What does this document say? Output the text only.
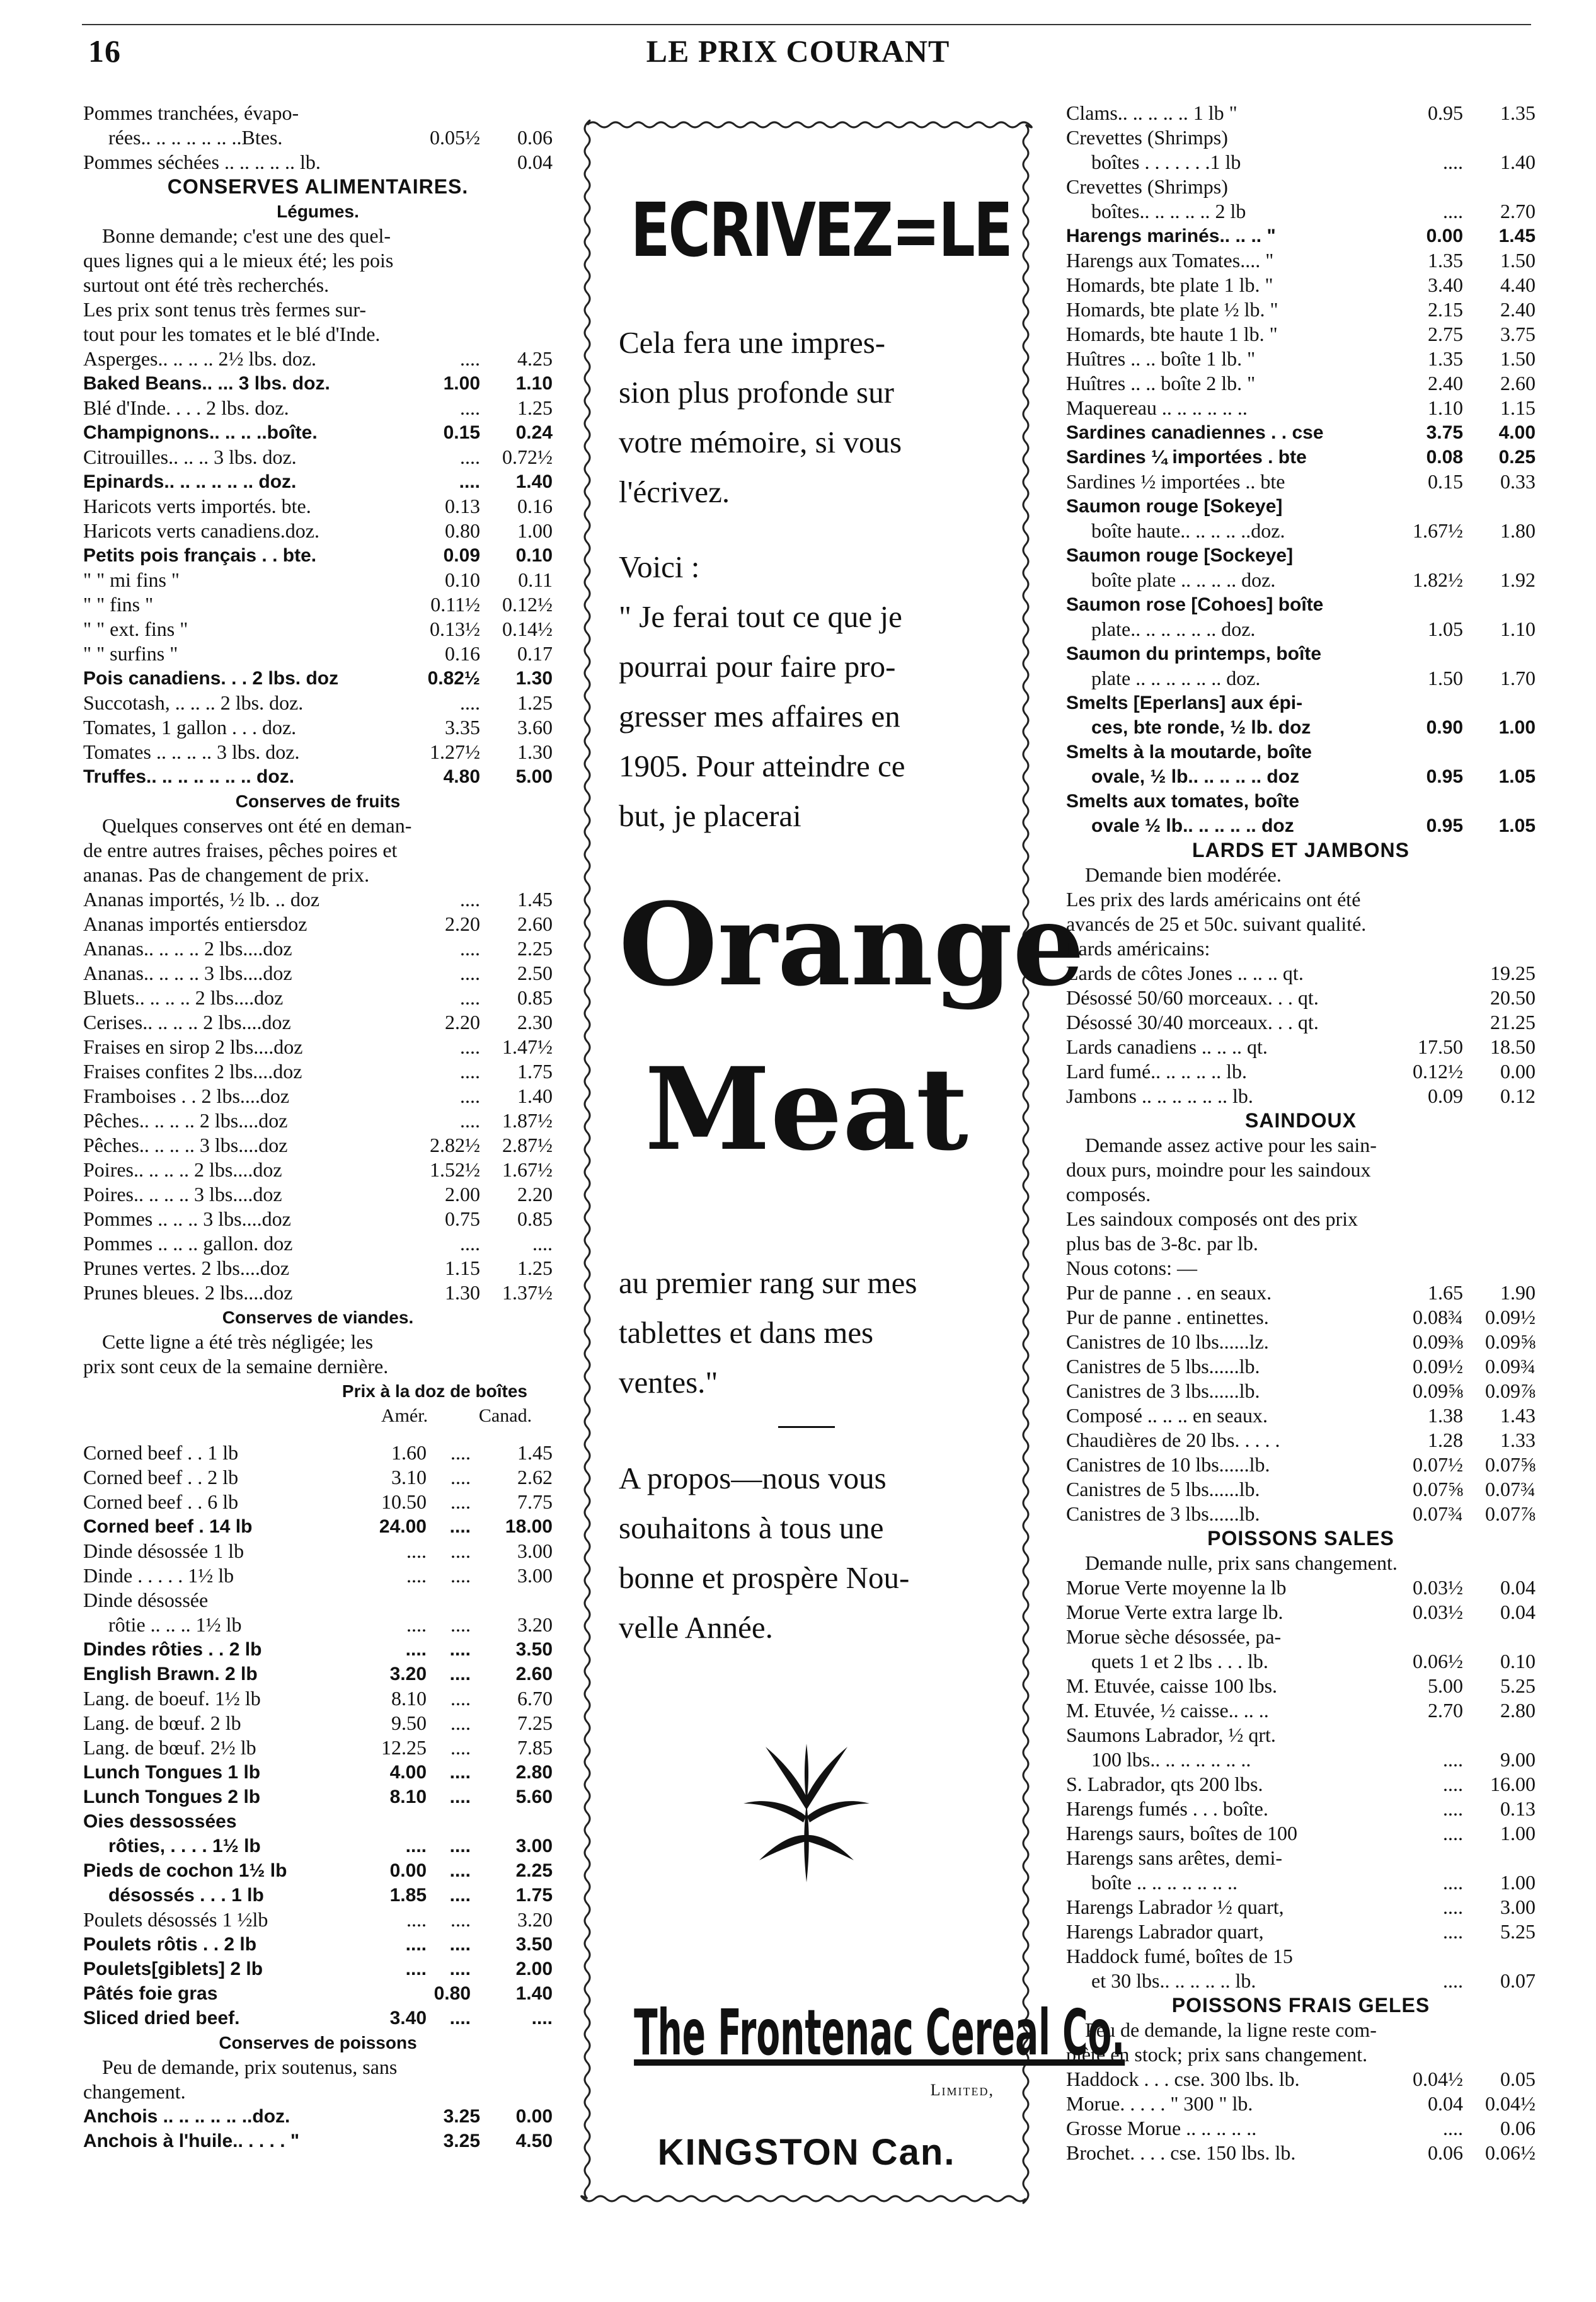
16	LE PRIX COURANT
Pommes tranchées, évapo-
rées.. .. .. .. .. .. ..Btes.	0.05½	0.06
Pommes séchées .. .. .. .. .. lb.	0.04
CONSERVES ALIMENTAIRES.
Légumes.
Bonne demande; c'est une des quel-
ques lignes qui a le mieux été; les pois
surtout ont été très recherchés.
Les prix sont tenus très fermes sur-
tout pour les tomates et le blé d'Inde.
Asperges.. .. .. .. 2½ lbs. doz.	....	4.25
Baked Beans.. ... 3 lbs. doz.	1.00	1.10
Blé d'Inde. . . . 2 lbs. doz.	....	1.25
Champignons.. .. .. ..boîte.	0.15	0.24
Citrouilles.. .. .. 3 lbs. doz.	....	0.72½
Epinards.. .. .. .. .. .. doz.	....	1.40
Haricots verts importés. bte.	0.13	0.16
Haricots verts canadiens.doz.	0.80	1.00
Petits pois français . . bte.	0.09	0.10
" " mi fins "	0.10	0.11
" " fins "	0.11½	0.12½
" " ext. fins "	0.13½	0.14½
" " surfins "	0.16	0.17
Pois canadiens. . . 2 lbs. doz	0.82½	1.30
Succotash, .. .. .. 2 lbs. doz.	....	1.25
Tomates, 1 gallon . . . doz.	3.35	3.60
Tomates .. .. .. .. 3 lbs. doz.	1.27½	1.30
Truffes.. .. .. .. .. .. .. doz.	4.80	5.00
Conserves de fruits
Quelques conserves ont été en deman-
de entre autres fraises, pêches poires et
ananas. Pas de changement de prix.
Ananas importés, ½ lb. .. doz	....	1.45
Ananas importés entiersdoz	2.20	2.60
Ananas.. .. .. .. 2 lbs....doz	....	2.25
Ananas.. .. .. .. 3 lbs....doz	....	2.50
Bluets.. .. .. .. 2 lbs....doz	....	0.85
Cerises.. .. .. .. 2 lbs....doz	2.20	2.30
Fraises en sirop 2 lbs....doz	....	1.47½
Fraises confites 2 lbs....doz	....	1.75
Framboises . . 2 lbs....doz	....	1.40
Pêches.. .. .. .. 2 lbs....doz	....	1.87½
Pêches.. .. .. .. 3 lbs....doz	2.82½	2.87½
Poires.. .. .. .. 2 lbs....doz	1.52½	1.67½
Poires.. .. .. .. 3 lbs....doz	2.00	2.20
Pommes .. .. .. 3 lbs....doz	0.75	0.85
Pommes .. .. .. gallon. doz	....	....
Prunes vertes. 2 lbs....doz	1.15	1.25
Prunes bleues. 2 lbs....doz	1.30	1.37½
Conserves de viandes.
Cette ligne a été très négligée; les
prix sont ceux de la semaine dernière.
Prix à la doz de boîtes
Amér.	Canad.
Corned beef . . 1 lb	1.60	....	1.45
Corned beef . . 2 lb	3.10	....	2.62
Corned beef . . 6 lb	10.50	....	7.75
Corned beef . 14 lb	24.00	....	18.00
Dinde désossée 1 lb	....	....	3.00
Dinde . . . . . 1½ lb	....	....	3.00
Dinde désossée
rôtie .. .. .. 1½ lb	....	....	3.20
Dindes rôties . . 2 lb	....	....	3.50
English Brawn. 2 lb	3.20	....	2.60
Lang. de boeuf. 1½ lb	8.10	....	6.70
Lang. de bœuf. 2 lb	9.50	....	7.25
Lang. de bœuf. 2½ lb	12.25	....	7.85
Lunch Tongues 1 lb	4.00	....	2.80
Lunch Tongues 2 lb	8.10	....	5.60
Oies dessossées
rôties, . . . . 1½ lb	....	....	3.00
Pieds de cochon 1½ lb	0.00	....	2.25
désossés . . . 1 lb	1.85	....	1.75
Poulets désossés 1 ½lb	....	....	3.20
Poulets rôtis . . 2 lb	....	....	3.50
Poulets[giblets] 2 lb	....	....	2.00
Pâtés foie gras	0.80	1.40
Sliced dried beef.	3.40	....	....
Conserves de poissons
Peu de demande, prix soutenus, sans
changement.
Anchois .. .. .. .. .. ..doz.	3.25	0.00
Anchois à l'huile.. . . . . "	3.25	4.50
ECRIVEZ=LE
Cela fera une impres-
sion plus profonde sur
votre mémoire, si vous
l'écrivez.
Voici :
" Je ferai tout ce que je
pourrai pour faire pro-
gresser mes affaires en
1905. Pour atteindre ce
but, je placerai
Orange
Meat
au premier rang sur mes
tablettes et dans mes
ventes."
A propos—nous vous
souhaitons à tous une
bonne et prospère Nou-
velle Année.
The Frontenac Cereal Co.
Limited,
KINGSTON Can.
Clams.. .. .. .. .. 1 lb "	0.95	1.35
Crevettes (Shrimps)
boîtes . . . . . . .1 lb	....	1.40
Crevettes (Shrimps)
boîtes.. .. .. .. .. 2 lb	....	2.70
Harengs marinés.. .. .. "	0.00	1.45
Harengs aux Tomates.... "	1.35	1.50
Homards, bte plate 1 lb. "	3.40	4.40
Homards, bte plate ½ lb. "	2.15	2.40
Homards, bte haute 1 lb. "	2.75	3.75
Huîtres .. .. boîte 1 lb. "	1.35	1.50
Huîtres .. .. boîte 2 lb. "	2.40	2.60
Maquereau .. .. .. .. .. ..	1.10	1.15
Sardines canadiennes . . cse	3.75	4.00
Sardines ¼ importées . bte	0.08	0.25
Sardines ½ importées .. bte	0.15	0.33
Saumon rouge [Sokeye]
boîte haute.. .. .. .. ..doz.	1.67½	1.80
Saumon rouge [Sockeye]
boîte plate .. .. .. .. doz.	1.82½	1.92
Saumon rose [Cohoes] boîte
plate.. .. .. .. .. .. doz.	1.05	1.10
Saumon du printemps, boîte
plate .. .. .. .. .. .. doz.	1.50	1.70
Smelts [Eperlans] aux épi-
ces, bte ronde, ½ lb. doz	0.90	1.00
Smelts à la moutarde, boîte
ovale, ½ lb.. .. .. .. .. doz	0.95	1.05
Smelts aux tomates, boîte
ovale ½ lb.. .. .. .. .. doz	0.95	1.05
LARDS ET JAMBONS
Demande bien modérée.
Les prix des lards américains ont été
avancés de 25 et 50c. suivant qualité.
Lards américains:
Lards de côtes Jones .. .. .. qt.	19.25
Désossé 50/60 morceaux. . . qt.	20.50
Désossé 30/40 morceaux. . . qt.	21.25
Lards canadiens .. .. .. qt.	17.50	18.50
Lard fumé.. .. .. .. .. lb.	0.12½	0.00
Jambons .. .. .. .. .. .. lb.	0.09	0.12
SAINDOUX
Demande assez active pour les sain-
doux purs, moindre pour les saindoux
composés.
Les saindoux composés ont des prix
plus bas de 3-8c. par lb.
Nous cotons: —
Pur de panne . . en seaux.	1.65	1.90
Pur de panne . entinettes.	0.08¾	0.09½
Canistres de 10 lbs......lz.	0.09⅜	0.09⅝
Canistres de 5 lbs......lb.	0.09½	0.09¾
Canistres de 3 lbs......lb.	0.09⅝	0.09⅞
Composé .. .. .. en seaux.	1.38	1.43
Chaudières de 20 lbs. . . . .	1.28	1.33
Canistres de 10 lbs......lb.	0.07½	0.07⅝
Canistres de 5 lbs......lb.	0.07⅝	0.07¾
Canistres de 3 lbs......lb.	0.07¾	0.07⅞
POISSONS SALES
Demande nulle, prix sans changement.
Morue Verte moyenne la lb	0.03½	0.04
Morue Verte extra large lb.	0.03½	0.04
Morue sèche désossée, pa-
quets 1 et 2 lbs . . . lb.	0.06½	0.10
M. Etuvée, caisse 100 lbs.	5.00	5.25
M. Etuvée, ½ caisse.. .. ..	2.70	2.80
Saumons Labrador, ½ qrt.
100 lbs.. .. .. .. .. .. ..	....	9.00
S. Labrador, qts 200 lbs.	....	16.00
Harengs fumés . . . boîte.	....	0.13
Harengs saurs, boîtes de 100	....	1.00
Harengs sans arêtes, demi-
boîte .. .. .. .. .. .. ..	....	1.00
Harengs Labrador ½ quart,	....	3.00
Harengs Labrador quart,	....	5.25
Haddock fumé, boîtes de 15
et 30 lbs.. .. .. .. .. lb.	....	0.07
POISSONS FRAIS GELES
Peu de demande, la ligne reste com-
plète en stock; prix sans changement.
Haddock . . . cse. 300 lbs. lb.	0.04½	0.05
Morue. . . . . " 300 " lb.	0.04	0.04½
Grosse Morue .. .. .. .. ..	....	0.06
Brochet. . . . cse. 150 lbs. lb.	0.06	0.06½
